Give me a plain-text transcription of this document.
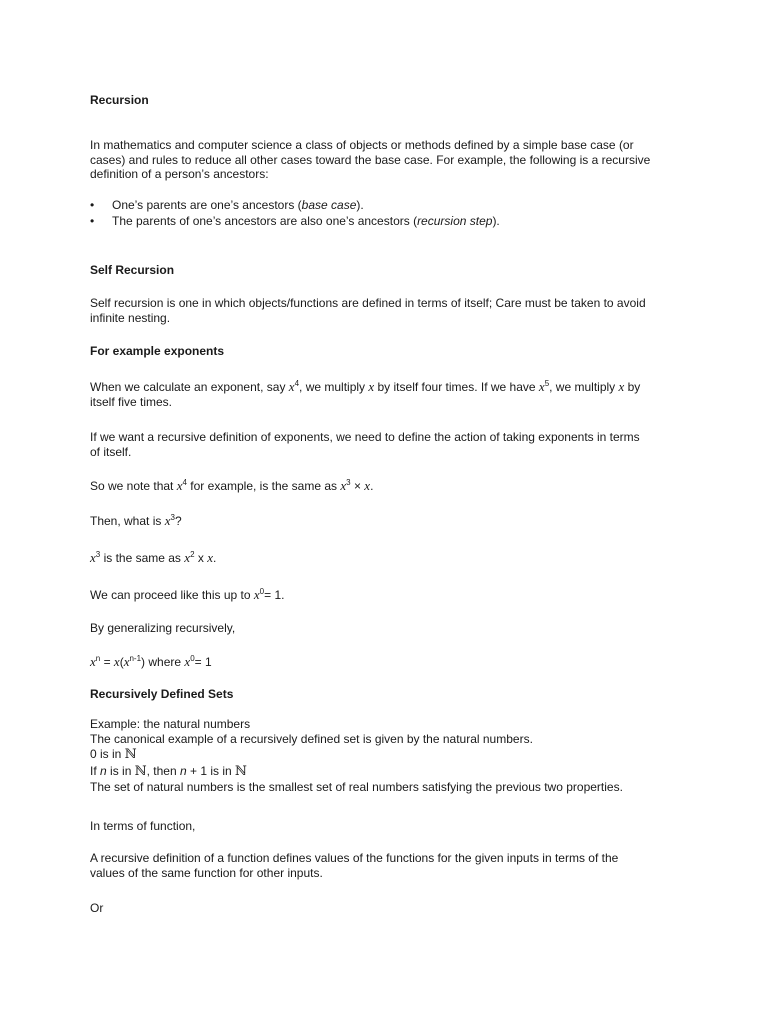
Recursion
In mathematics and computer science a class of objects or methods defined by a simple base case (or
cases) and rules to reduce all other cases toward the base case. For example, the following is a recursive
definition of a person’s ancestors:
• One’s parents are one’s ancestors (base case).
• The parents of one’s ancestors are also one’s ancestors (recursion step).
Self Recursion
Self recursion is one in which objects/functions are defined in terms of itself; Care must be taken to avoid
infinite nesting.
For example exponents
When we calculate an exponent, say $x^4$, we multiply x by itself four times. If we have $x^5$, we multiply x by
itself five times.
If we want a recursive definition of exponents, we need to define the action of taking exponents in terms
of itself.
So we note that $x^4$ for example, is the same as $x^3 \times x$.
Then, what is $x^3$?
$x^3$ is the same as $x^2$ x x.
We can proceed like this up to $x^0= 1$.
By generalizing recursively,
$x^n = x(x^{n-1})$ where $x^0= 1$
Recursively Defined Sets
Example: the natural numbers
The canonical example of a recursively defined set is given by the natural numbers.
0 is in ℕ
If n is in ℕ, then n + 1 is in ℕ
The set of natural numbers is the smallest set of real numbers satisfying the previous two properties.
In terms of function,
A recursive definition of a function defines values of the functions for the given inputs in terms of the
values of the same function for other inputs.
Or
